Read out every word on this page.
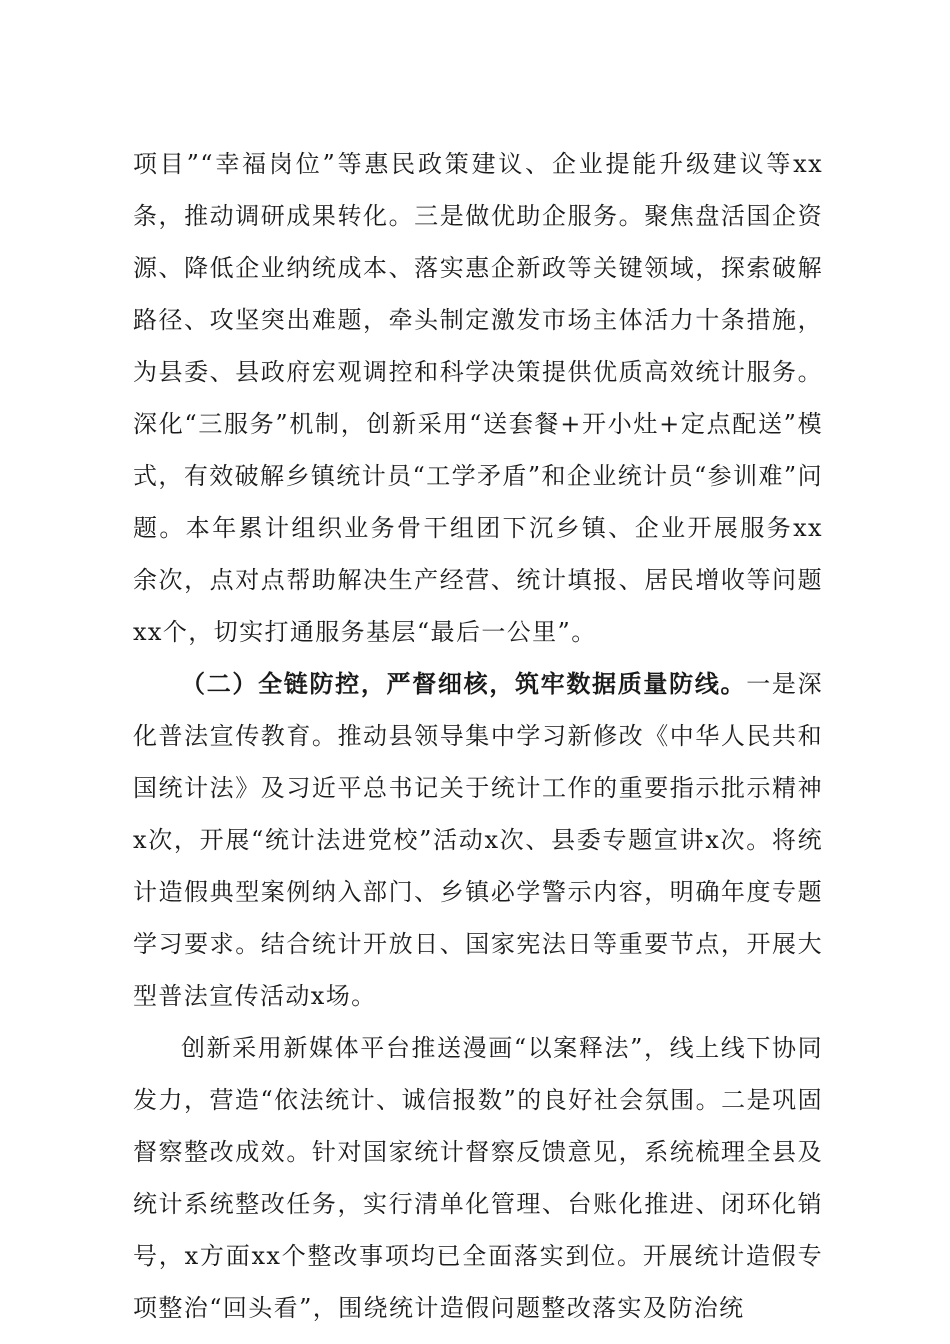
项目”“幸福岗位”等惠民政策建议、企业提能升级建议等xx条，推动调研成果转化。三是做优助企服务。聚焦盘活国企资源、降低企业纳统成本、落实惠企新政等关键领域，探索破解路径、攻坚突出难题，牵头制定激发市场主体活力十条措施，为县委、县政府宏观调控和科学决策提供优质高效统计服务。深化“三服务”机制，创新采用“送套餐+开小灶+定点配送”模式，有效破解乡镇统计员“工学矛盾”和企业统计员“参训难”问题。本年累计组织业务骨干组团下沉乡镇、企业开展服务xx余次，点对点帮助解决生产经营、统计填报、居民增收等问题xx个，切实打通服务基层“最后一公里”。

（二）全链防控，严督细核，筑牢数据质量防线。一是深化普法宣传教育。推动县领导集中学习新修改《中华人民共和国统计法》及习近平总书记关于统计工作的重要指示批示精神x次，开展“统计法进党校”活动x次、县委专题宣讲x次。将统计造假典型案例纳入部门、乡镇必学警示内容，明确年度专题学习要求。结合统计开放日、国家宪法日等重要节点，开展大型普法宣传活动x场。

创新采用新媒体平台推送漫画“以案释法”，线上线下协同发力，营造“依法统计、诚信报数”的良好社会氛围。二是巩固督察整改成效。针对国家统计督察反馈意见，系统梳理全县及统计系统整改任务，实行清单化管理、台账化推进、闭环化销号，x方面xx个整改事项均已全面落实到位。开展统计造假专项整治“回头看”，围绕统计造假问题整改落实及防治统
